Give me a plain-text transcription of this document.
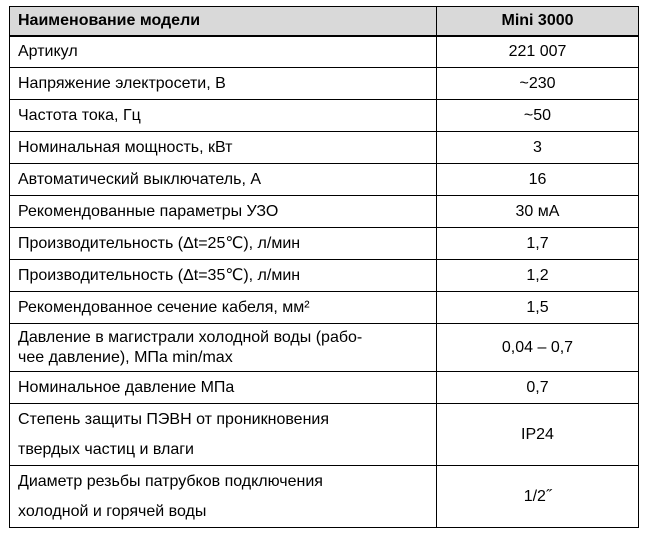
Наименование модели	Mini 3000
Артикул	221 007
Напряжение электросети, В	~230
Частота тока, Гц	~50
Номинальная мощность, кВт	3
Автоматический выключатель, А	16
Рекомендованные параметры УЗО	30 мА
Производительность (Δt=25℃), л/мин	1,7
Производительность (Δt=35℃), л/мин	1,2
Рекомендованное сечение кабеля, мм²	1,5

Давление в магистрали холодной воды (рабо-
чее давление), МПа min/max	0,04 – 0,7
Номинальное давление МПа	0,7

Степень защиты ПЭВН от проникновения
твердых частиц и влаги	IP24

Диаметр резьбы патрубков подключения
холодной и горячей воды	1/2˝
